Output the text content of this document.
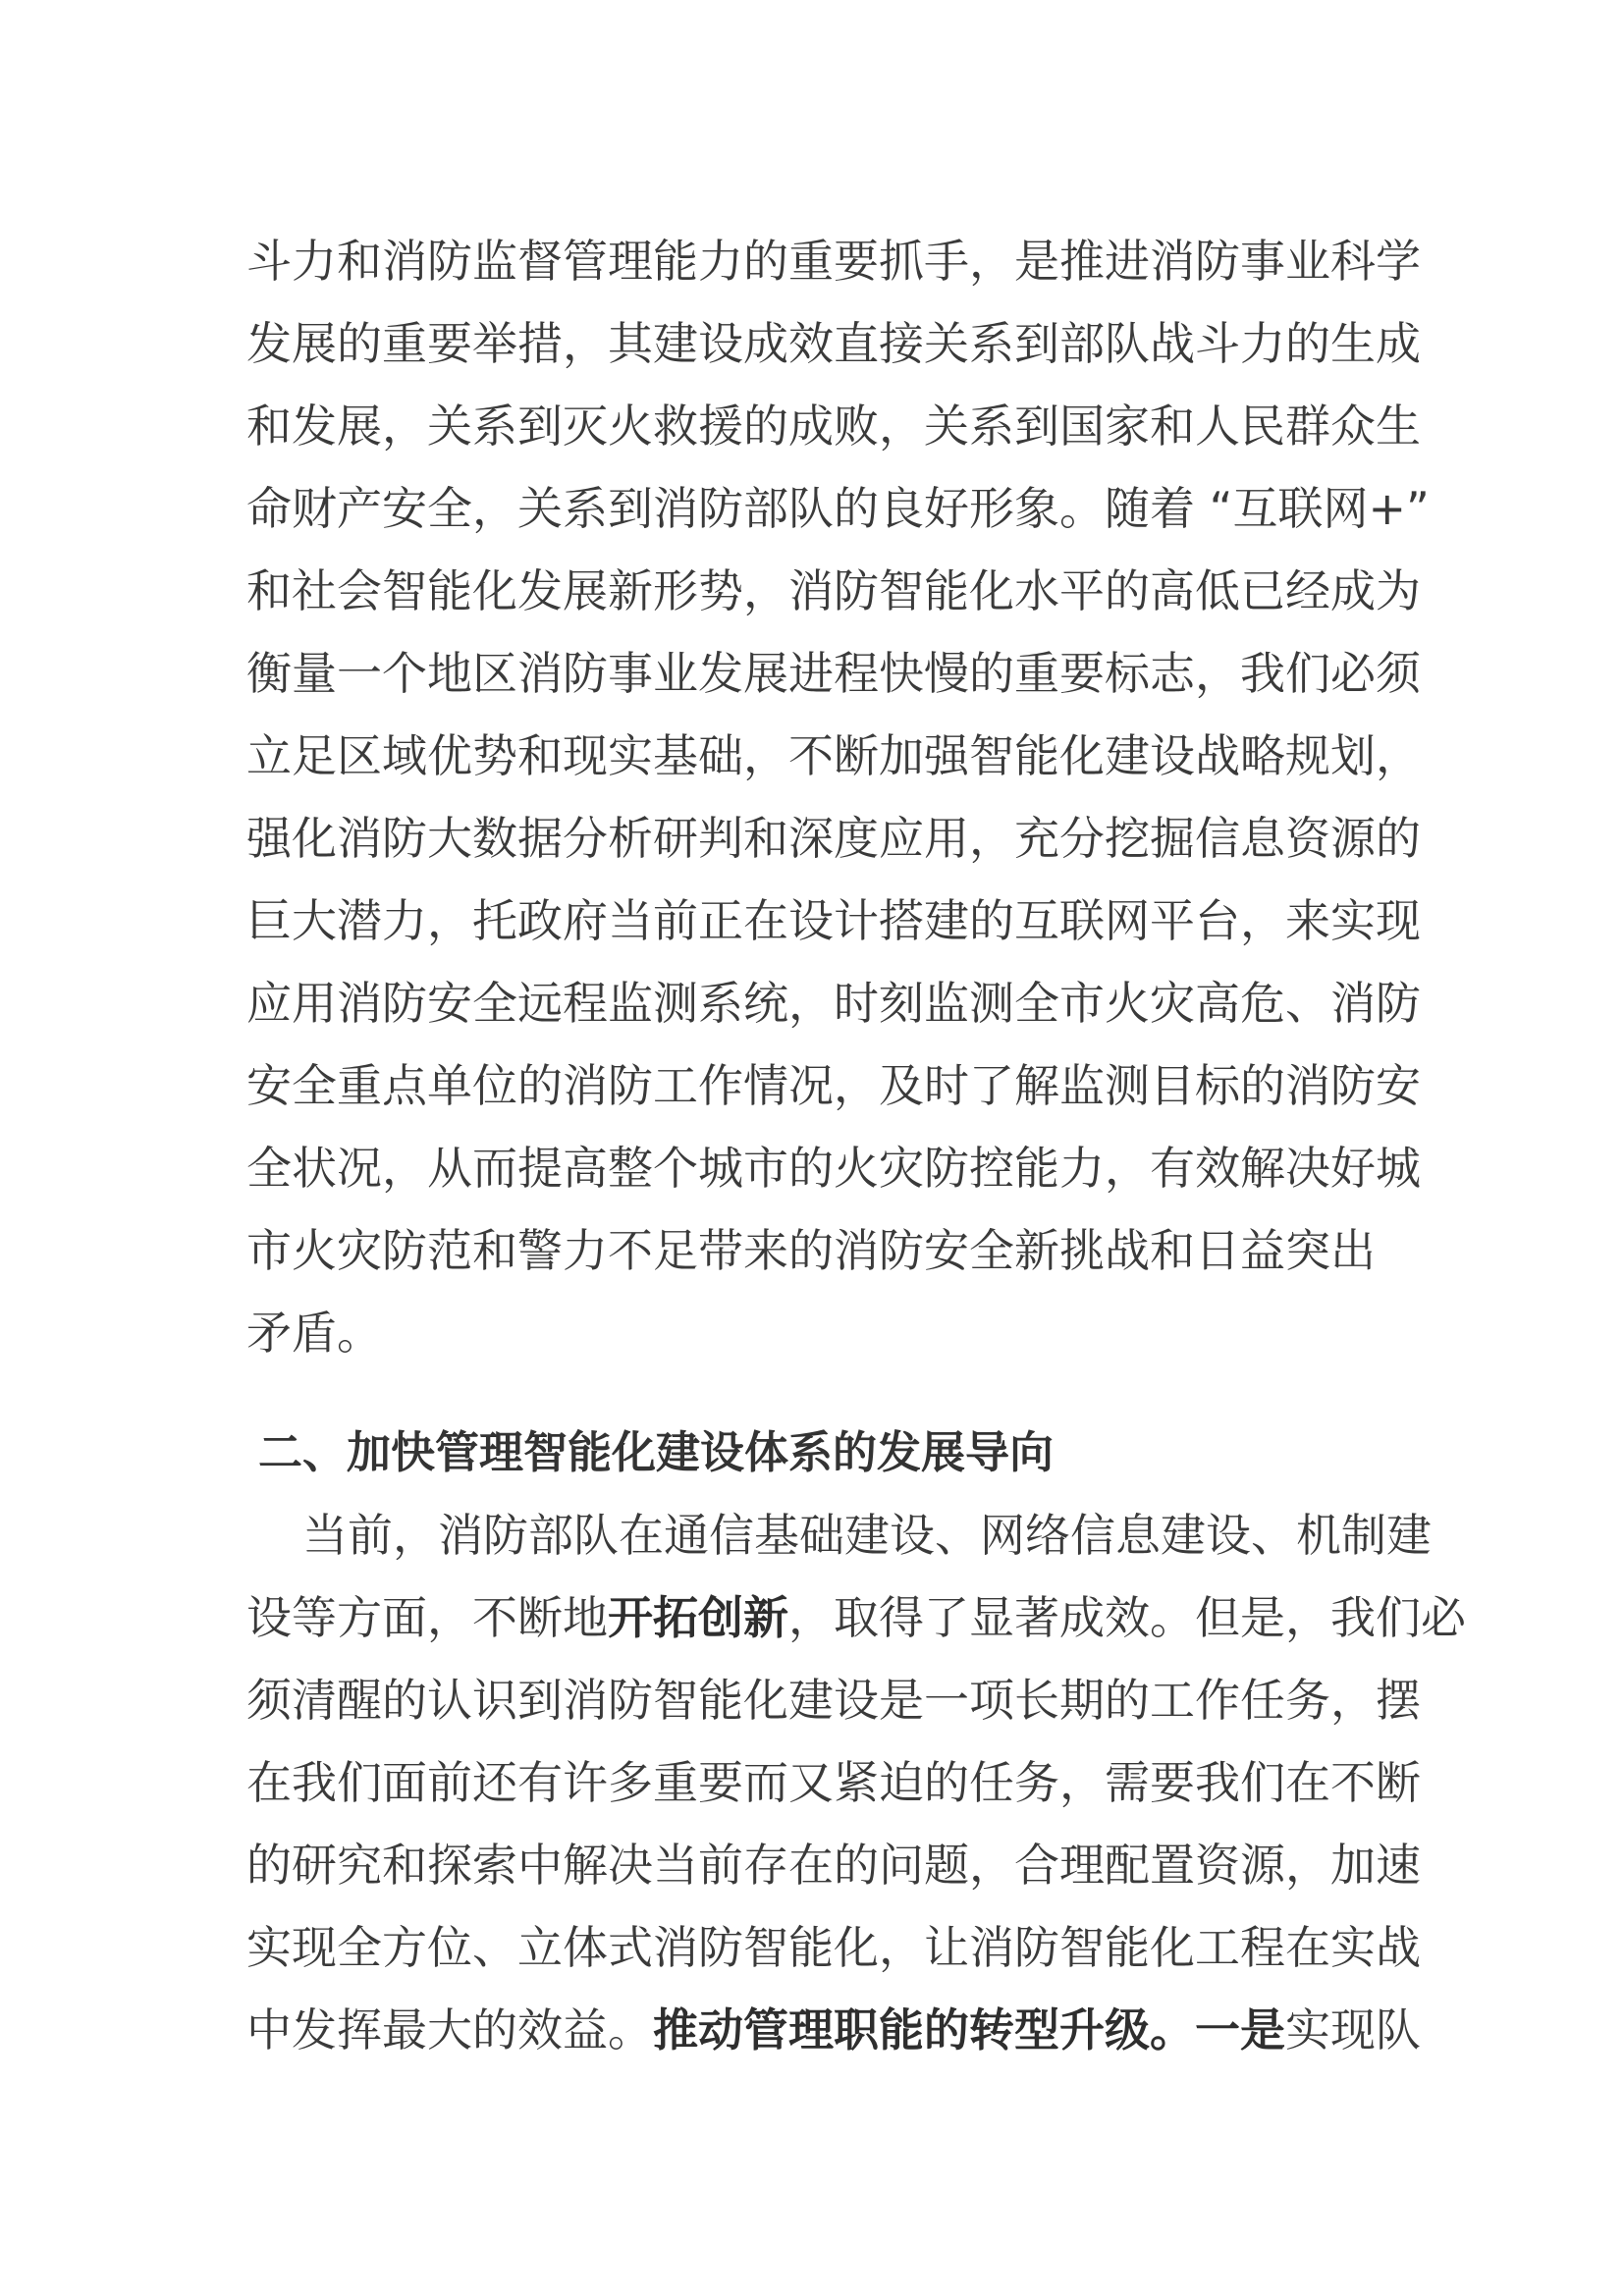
斗力和消防监督管理能力的重要抓手，是推进消防事业科学
发展的重要举措，其建设成效直接关系到部队战斗力的生成
和发展，关系到灭火救援的成败，关系到国家和人民群众生
命财产安全，关系到消防部队的良好形象。随着 “互联网+”
和社会智能化发展新形势，消防智能化水平的高低已经成为
衡量一个地区消防事业发展进程快慢的重要标志，我们必须
立足区域优势和现实基础，不断加强智能化建设战略规划，
强化消防大数据分析研判和深度应用，充分挖掘信息资源的
巨大潜力，托政府当前正在设计搭建的互联网平台，来实现
应用消防安全远程监测系统，时刻监测全市火灾高危、消防
安全重点单位的消防工作情况，及时了解监测目标的消防安
全状况，从而提高整个城市的火灾防控能力，有效解决好城
市火灾防范和警力不足带来的消防安全新挑战和日益突出
矛盾。
二、加快管理智能化建设体系的发展导向
当前，消防部队在通信基础建设、网络信息建设、机制建
设等方面，不断地开拓创新，取得了显著成效。但是，我们必
须清醒的认识到消防智能化建设是一项长期的工作任务，摆
在我们面前还有许多重要而又紧迫的任务，需要我们在不断
的研究和探索中解决当前存在的问题，合理配置资源，加速
实现全方位、立体式消防智能化，让消防智能化工程在实战
中发挥最大的效益。推动管理职能的转型升级。一是实现队
